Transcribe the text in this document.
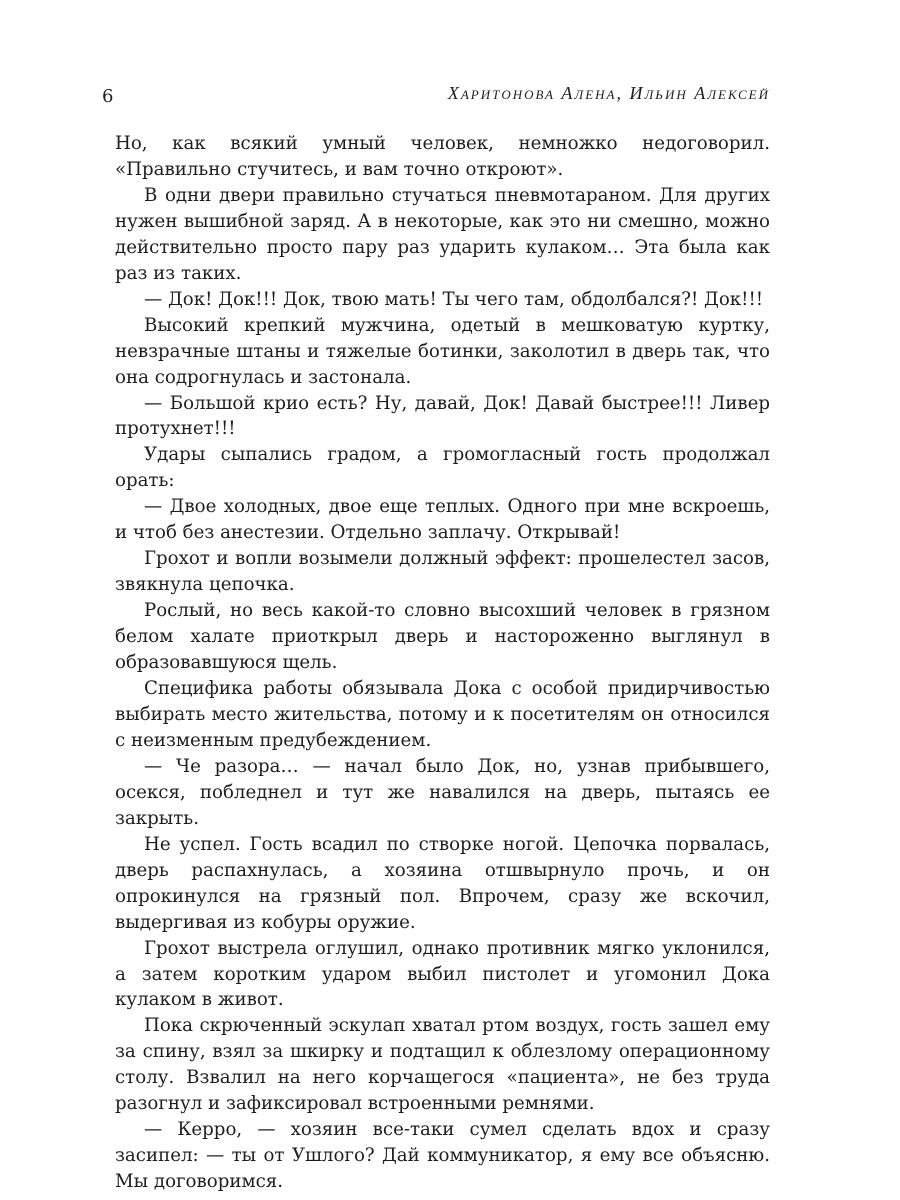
6	Харитонова Алена, Ильин Алексей

Но, как всякий умный человек, немножко недоговорил. «Правильно стучитесь, и вам точно откроют».

В одни двери правильно стучаться пневмотараном. Для других нужен вышибной заряд. А в некоторые, как это ни смешно, можно действительно просто пару раз ударить кулаком… Эта была как раз из таких.

— Док! Док!!! Док, твою мать! Ты чего там, обдолбался?! Док!!!

Высокий крепкий мужчина, одетый в мешковатую куртку, невзрачные штаны и тяжелые ботинки, заколотил в дверь так, что она содрогнулась и застонала.

— Большой крио есть? Ну, давай, Док! Давай быстрее!!! Ливер протухнет!!!

Удары сыпались градом, а громогласный гость продолжал орать:

— Двое холодных, двое еще теплых. Одного при мне вскроешь, и чтоб без анестезии. Отдельно заплачу. Открывай!

Грохот и вопли возымели должный эффект: прошелестел засов, звякнула цепочка.

Рослый, но весь какой-то словно высохший человек в грязном белом халате приоткрыл дверь и настороженно выглянул в образовавшуюся щель.

Специфика работы обязывала Дока с особой придирчивостью выбирать место жительства, потому и к посетителям он относился с неизменным предубеждением.

— Че разора… — начал было Док, но, узнав прибывшего, осекся, побледнел и тут же навалился на дверь, пытаясь ее закрыть.

Не успел. Гость всадил по створке ногой. Цепочка порвалась, дверь распахнулась, а хозяина отшвырнуло прочь, и он опрокинулся на грязный пол. Впрочем, сразу же вскочил, выдергивая из кобуры оружие.

Грохот выстрела оглушил, однако противник мягко уклонился, а затем коротким ударом выбил пистолет и угомонил Дока кулаком в живот.

Пока скрюченный эскулап хватал ртом воздух, гость зашел ему за спину, взял за шкирку и подтащил к облезлому операционному столу. Взвалил на него корчащегося «пациента», не без труда разогнул и зафиксировал встроенными ремнями.

— Керро, — хозяин все-таки сумел сделать вдох и сразу засипел: — ты от Ушлого? Дай коммуникатор, я ему все объясню. Мы договоримся.
